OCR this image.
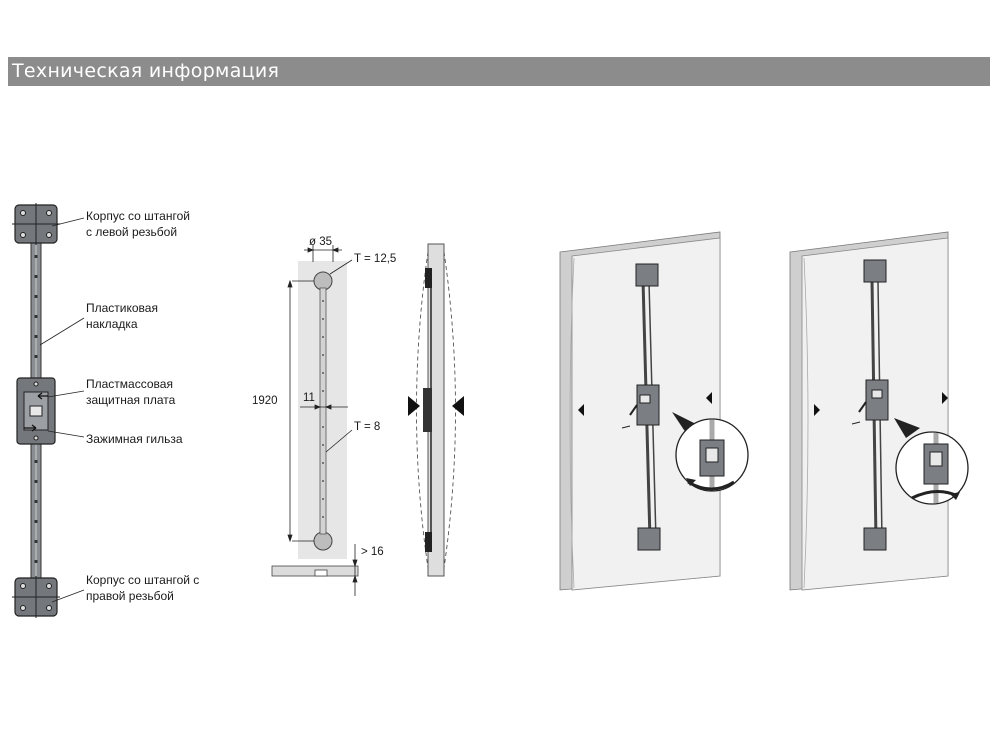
Техническая информация
Корпус со штангой
с левой резьбой
Пластиковая
накладка
Пластмассовая
защитная плата
Зажимная гильза
Корпус со штангой с
правой резьбой
ø 35
T = 12,5
1920 11
T = 8
> 16
